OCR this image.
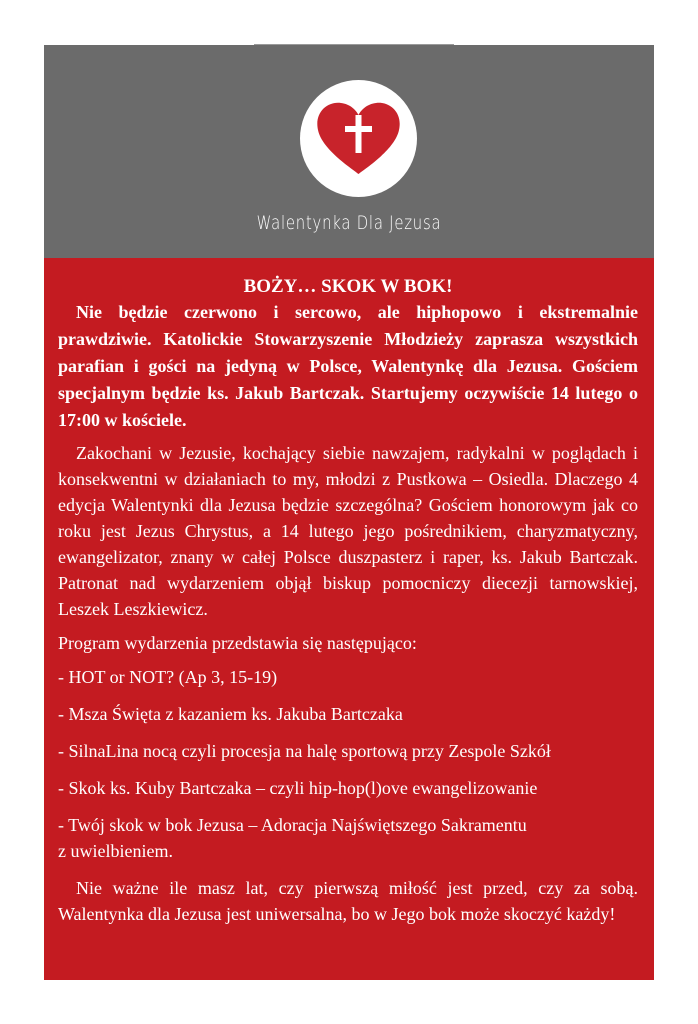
Walentynka Dla Jezusa
BOŻY… SKOK W BOK!

Nie będzie czerwono i sercowo, ale hiphopowo i ekstremalnie prawdziwie. Katolickie Stowarzyszenie Młodzieży zaprasza wszystkich parafian i gości na jedyną w Polsce, Walentynkę dla Jezusa. Gościem specjalnym będzie ks. Jakub Bartczak. Startujemy oczywiście 14 lutego o 17:00 w kościele.

Zakochani w Jezusie, kochający siebie nawzajem, radykalni w poglądach i konsekwentni w działaniach to my, młodzi z Pustkowa – Osiedla. Dlaczego 4 edycja Walentynki dla Jezusa będzie szczególna? Gościem honorowym jak co roku jest Jezus Chrystus, a 14 lutego jego pośrednikiem, charyzmatyczny, ewangelizator, znany w całej Polsce duszpasterz i raper, ks. Jakub Bartczak. Patronat nad wydarzeniem objął biskup pomocniczy diecezji tarnowskiej, Leszek Leszkiewicz.

Program wydarzenia przedstawia się następująco:

- HOT or NOT? (Ap 3, 15-19)
- Msza Święta z kazaniem ks. Jakuba Bartczaka
- SilnaLina nocą czyli procesja na halę sportową przy Zespole Szkół
- Skok ks. Kuby Bartczaka – czyli hip-hop(l)ove ewangelizowanie
- Twój skok w bok Jezusa – Adoracja Najświętszego Sakramentu
z uwielbieniem.

Nie ważne ile masz lat, czy pierwszą miłość jest przed, czy za sobą. Walentynka dla Jezusa jest uniwersalna, bo w Jego bok może skoczyć każdy!
